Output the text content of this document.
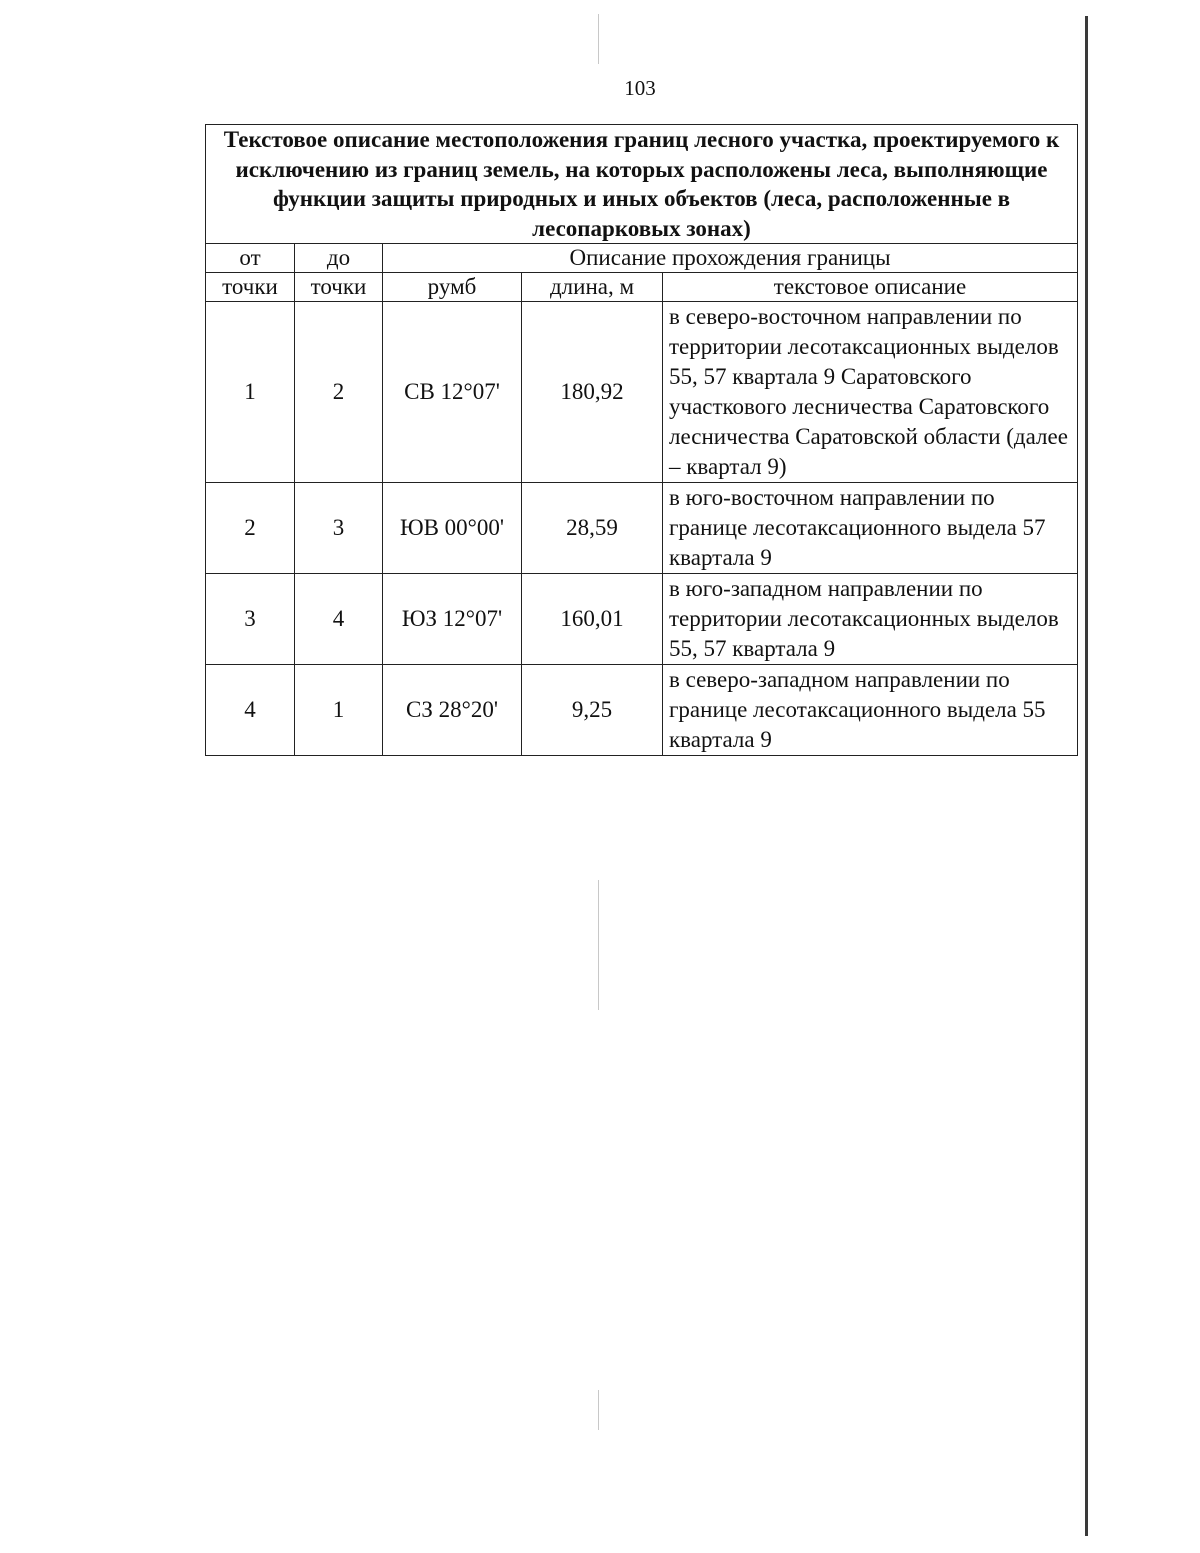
103
Текстовое описание местоположения границ лесного участка, проектируемого к исключению из границ земель, на которых расположены леса, выполняющие функции защиты природных и иных объектов (леса, расположенные в лесопарковых зонах)				
от	до	Описание прохождения границы		
точки	точки	румб	длина, м	текстовое описание
1	2	СВ 12°07'	180,92	в северо-восточном направлении по территории лесотаксационных выделов 55, 57 квартала 9 Саратовского участкового лесничества Саратовского лесничества Саратовской области (далее – квартал 9)
2	3	ЮВ 00°00'	28,59	в юго-восточном направлении по границе лесотаксационного выдела 57 квартала 9
3	4	ЮЗ 12°07'	160,01	в юго-западном направлении по территории лесотаксационных выделов 55, 57 квартала 9
4	1	СЗ 28°20'	9,25	в северо-западном направлении по границе лесотаксационного выдела 55 квартала 9
